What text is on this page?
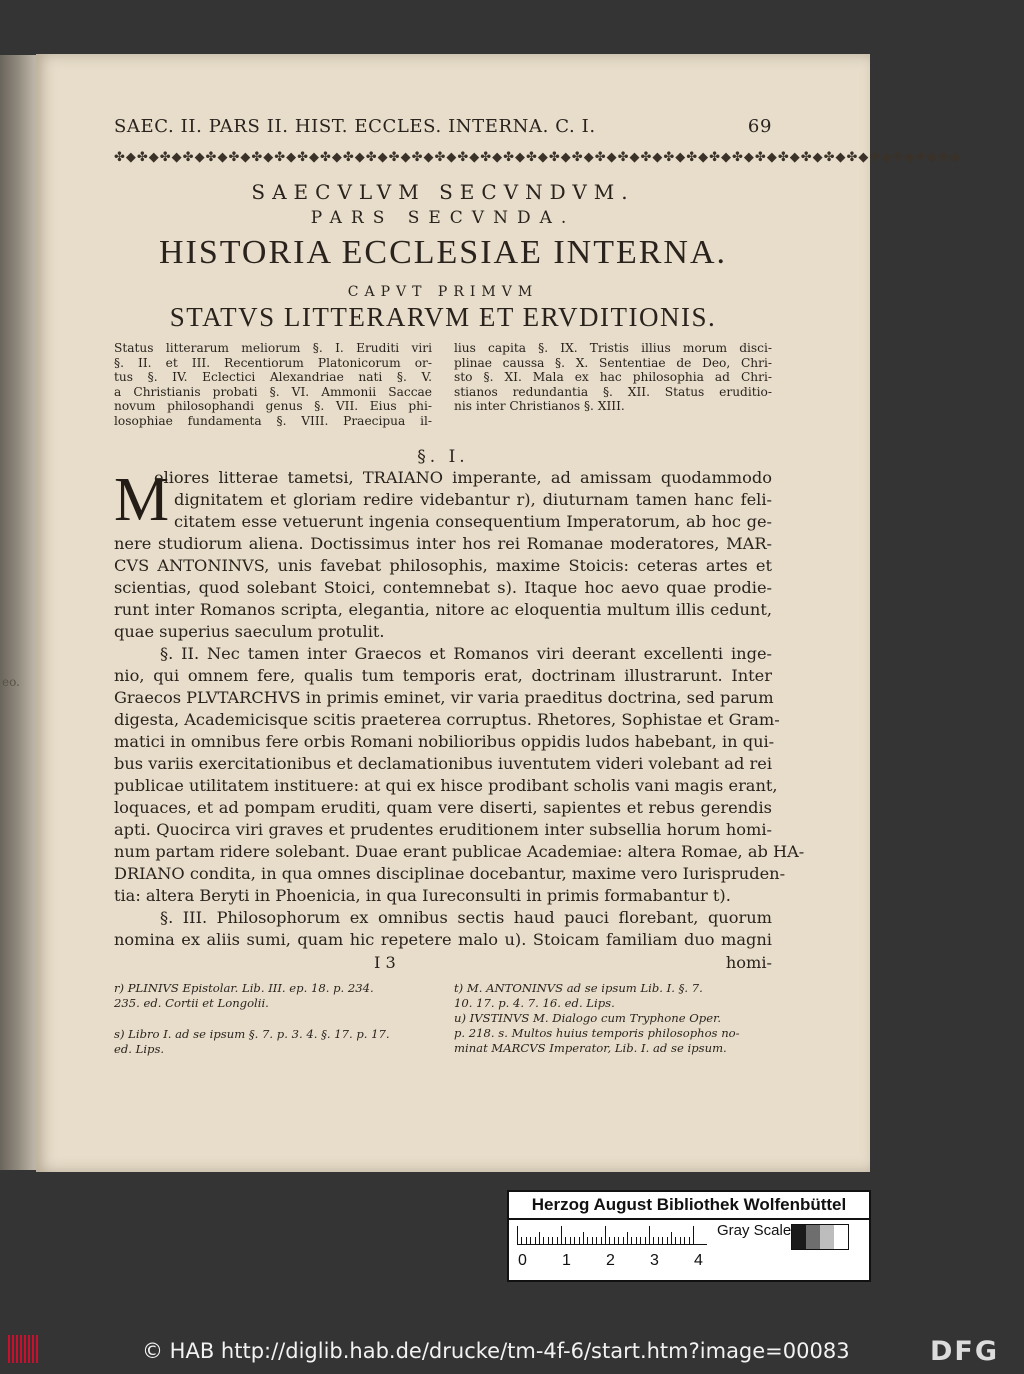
eo.
SAEC. II. PARS II. HIST. ECCLES. INTERNA. C. I.	69
✤◆✤◆✤◆✤◆✤◆✤◆✤◆✤◆✤◆✤◆✤◆✤◆✤◆✤◆✤◆✤◆✤◆✤◆✤◆✤◆✤◆✤◆✤◆✤◆✤◆✤◆✤◆✤◆✤◆✤◆✤◆✤◆✤◆✤◆✤◆✤◆✤◆
SAECVLVM SECVNDVM.
PARS SECVNDA.
HISTORIA ECCLESIAE INTERNA.
CAPVT PRIMVM
STATVS LITTERARVM ET ERVDITIONIS.
Status litterarum meliorum §. I. Eruditi viri
§. II. et III. Recentiorum Platonicorum or-
tus §. IV. Eclectici Alexandriae nati §. V.
a Christianis probati §. VI. Ammonii Saccae
novum philosophandi genus §. VII. Eius phi-
losophiae fundamenta §. VIII. Praecipua il-
lius capita §. IX. Tristis illius morum disci-
plinae caussa §. X. Sententiae de Deo, Chri-
sto §. XI. Mala ex hac philosophia ad Chri-
stianos redundantia §. XII. Status eruditio-
nis inter Christianos §. XIII.
§. I.
M
eliores litterae tametsi, TRAIANO imperante, ad amissam quodammodo
dignitatem et gloriam redire videbantur r), diuturnam tamen hanc feli-
citatem esse vetuerunt ingenia consequentium Imperatorum, ab hoc ge-
nere studiorum aliena. Doctissimus inter hos rei Romanae moderatores, MAR-
CVS ANTONINVS, unis favebat philosophis, maxime Stoicis: ceteras artes et
scientias, quod solebant Stoici, contemnebat s). Itaque hoc aevo quae prodie-
runt inter Romanos scripta, elegantia, nitore ac eloquentia multum illis cedunt,
quae superius saeculum protulit.
§. II. Nec tamen inter Graecos et Romanos viri deerant excellenti inge-
nio, qui omnem fere, qualis tum temporis erat, doctrinam illustrarunt. Inter
Graecos PLVTARCHVS in primis eminet, vir varia praeditus doctrina, sed parum
digesta, Academicisque scitis praeterea corruptus. Rhetores, Sophistae et Gram-
matici in omnibus fere orbis Romani nobilioribus oppidis ludos habebant, in qui-
bus variis exercitationibus et declamationibus iuventutem videri volebant ad rei
publicae utilitatem instituere: at qui ex hisce prodibant scholis vani magis erant,
loquaces, et ad pompam eruditi, quam vere diserti, sapientes et rebus gerendis
apti. Quocirca viri graves et prudentes eruditionem inter subsellia horum homi-
num partam ridere solebant. Duae erant publicae Academiae: altera Romae, ab HA-
DRIANO condita, in qua omnes disciplinae docebantur, maxime vero Iurispruden-
tia: altera Beryti in Phoenicia, in qua Iureconsulti in primis formabantur t).
§. III. Philosophorum ex omnibus sectis haud pauci florebant, quorum
nomina ex aliis sumi, quam hic repetere malo u). Stoicam familiam duo magni
I 3	homi-
r) PLINIVS Epistolar. Lib. III. ep. 18. p. 234.
235. ed. Cortii et Longolii.
s) Libro I. ad se ipsum §. 7. p. 3. 4. §. 17. p. 17.
ed. Lips.
t) M. ANTONINVS ad se ipsum Lib. I. §. 7.
10. 17. p. 4. 7. 16. ed. Lips.
u) IVSTINVS M. Dialogo cum Tryphone Oper.
p. 218. s. Multos huius temporis philosophos no-
minat MARCVS Imperator, Lib. I. ad se ipsum.
Herzog August Bibliothek Wolfenbüttel
0 1 2 3 4
Gray Scale
© HAB http://diglib.hab.de/drucke/tm-4f-6/start.htm?image=00083	DFG
